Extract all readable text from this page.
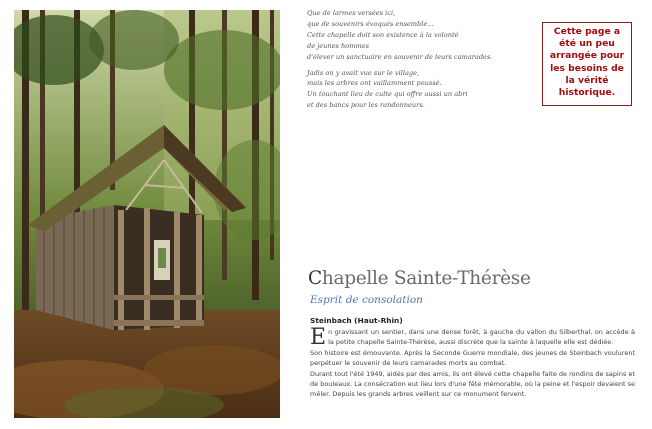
Que de larmes versées ici,
que de souvenirs évoqués ensemble…
Cette chapelle doit son existence à la volonté
de jeunes hommes
d'élever un sanctuaire en souvenir de leurs camarades.
Jadis on y avait vue sur le village,
mais les arbres ont vaillamment poussé.
Un touchant lieu de culte qui offre aussi un abri
et des bancs pour les randonneurs.
Cette page a été un peu arrangée pour les besoins de la vérité historique.
Chapelle Sainte-Thérèse
Esprit de consolation
Steinbach (Haut-Rhin)

En gravissant un sentier, dans une dense forêt, à gauche du vallon du Silberthal, on accède à la petite chapelle Sainte-Thérèse, aussi discrète que la sainte à laquelle elle est dédiée.

Son histoire est émouvante. Après la Seconde Guerre mondiale, des jeunes de Steinbach voulurent perpétuer le souvenir de leurs camarades morts au combat.

Durant tout l'été 1949, aidés par des amis, ils ont élevé cette chapelle faite de rondins de sapins et de bouleaux. La consécration eut lieu lors d'une fête mémorable, où la peine et l'espoir devaient se mêler. Depuis les grands arbres veillent sur ce monument fervent.
